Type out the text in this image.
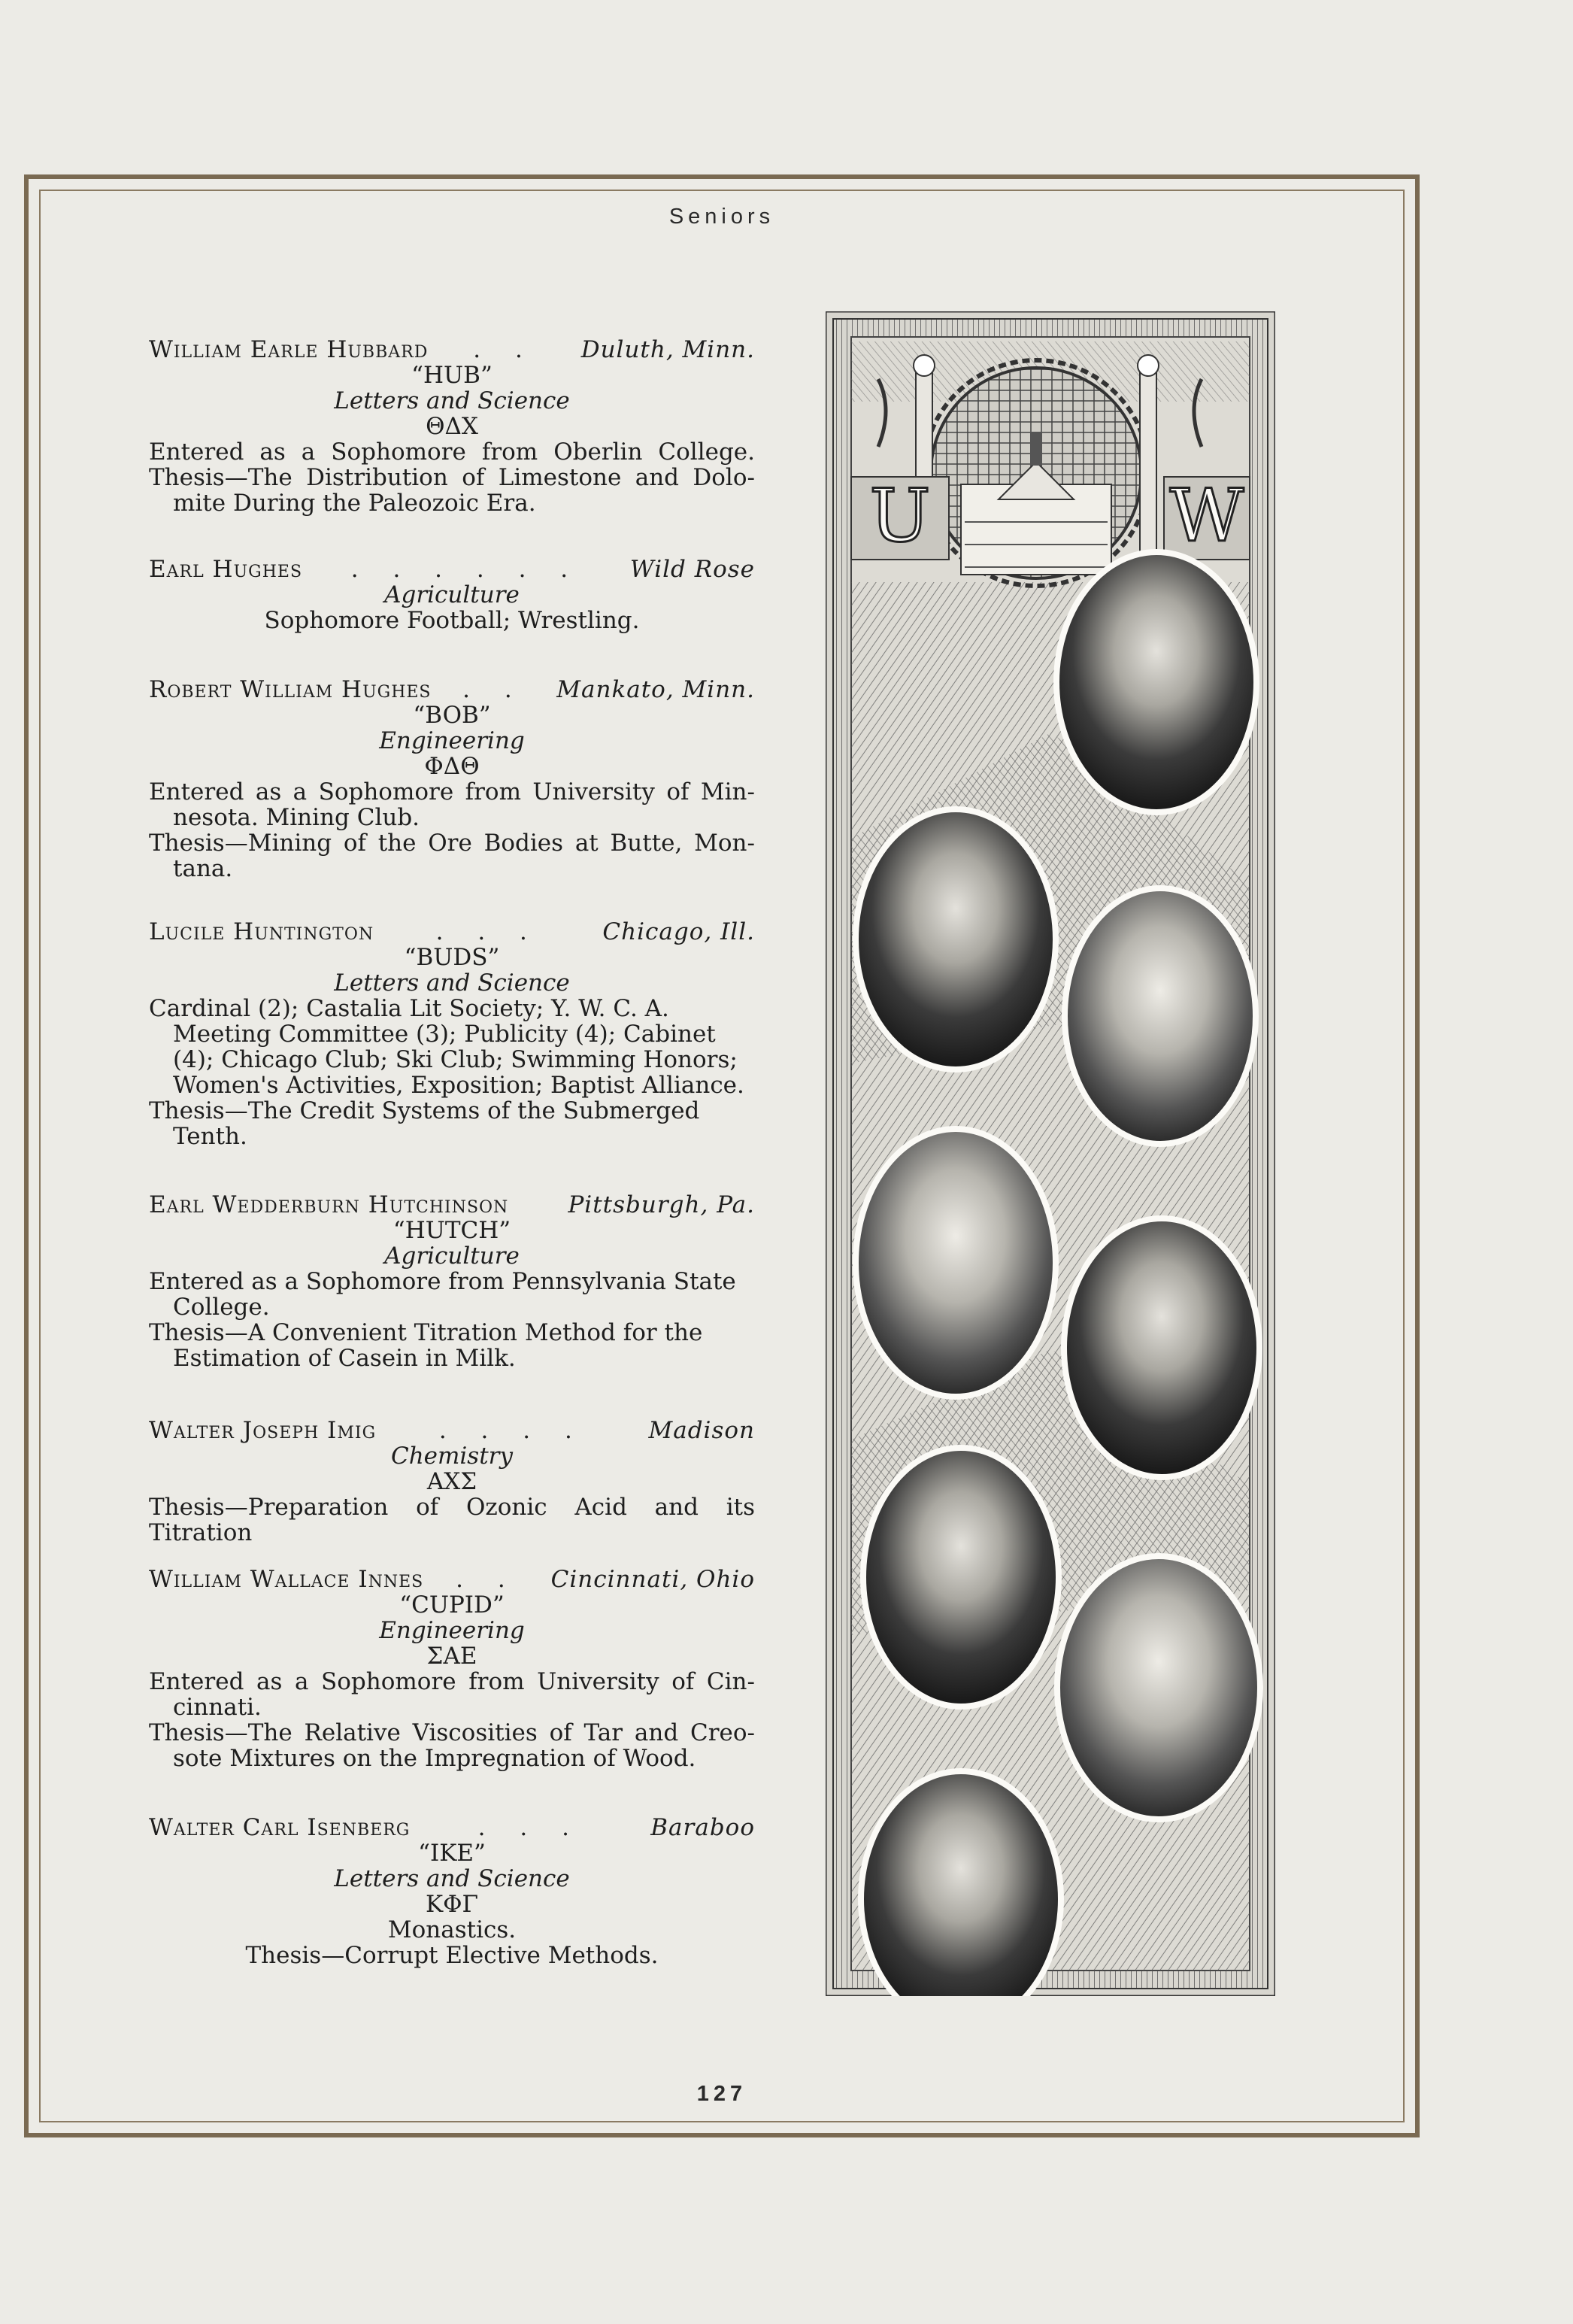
Seniors
William Earle Hubbard	. .	Duluth, Minn.
“HUB”
Letters and Science
ΘΔΧ
Entered as a Sophomore from Oberlin College.
Thesis—The Distribution of Limestone and Dolo-
mite During the Paleozoic Era.
Earl Hughes	. . . . . .	Wild Rose
Agriculture
Sophomore Football; Wrestling.
Robert William Hughes	. .	Mankato, Minn.
“BOB”
Engineering
ΦΔΘ
Entered as a Sophomore from University of Min-
nesota. Mining Club.
Thesis—Mining of the Ore Bodies at Butte, Mon-
tana.
Lucile Huntington	. . .	Chicago, Ill.
“BUDS”
Letters and Science
Cardinal (2); Castalia Lit Society; Y. W. C. A. Meeting Committee (3); Publicity (4); Cabinet (4); Chicago Club; Ski Club; Swimming Honors; Women's Activities, Exposition; Baptist Alliance.
Thesis—The Credit Systems of the Submerged Tenth.
Earl Wedderburn Hutchinson	Pittsburgh, Pa.
“HUTCH”
Agriculture
Entered as a Sophomore from Pennsylvania State College.
Thesis—A Convenient Titration Method for the Estimation of Casein in Milk.
Walter Joseph Imig	. . . .	Madison
Chemistry
ΑΧΣ
Thesis—Preparation of Ozonic Acid and its Titration
William Wallace Innes	. .	Cincinnati, Ohio
“CUPID”
Engineering
ΣΑΕ
Entered as a Sophomore from University of Cin-
cinnati.
Thesis—The Relative Viscosities of Tar and Creo-
sote Mixtures on the Impregnation of Wood.
Walter Carl Isenberg	. . .	Baraboo
“IKE”
Letters and Science
ΚΦΓ
Monastics.
Thesis—Corrupt Elective Methods.
U	W
127
